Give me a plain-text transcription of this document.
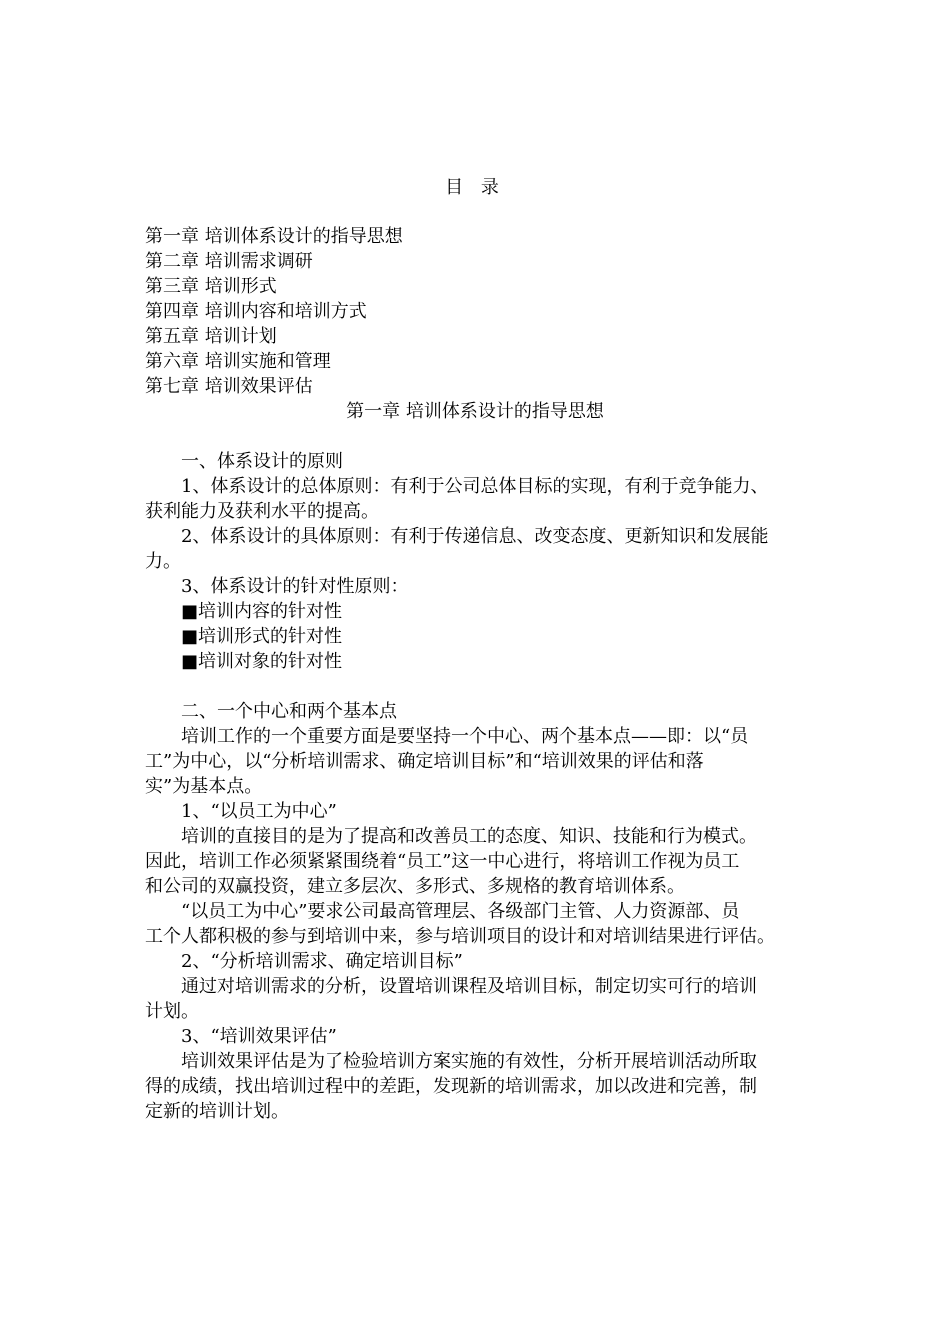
目 录
第一章 培训体系设计的指导思想
第二章 培训需求调研
第三章 培训形式
第四章 培训内容和培训方式
第五章 培训计划
第六章 培训实施和管理
第七章 培训效果评估
第一章 培训体系设计的指导思想
一、体系设计的原则
1、体系设计的总体原则：有利于公司总体目标的实现，有利于竞争能力、
获利能力及获利水平的提高。
2、体系设计的具体原则：有利于传递信息、改变态度、更新知识和发展能
力。
3、体系设计的针对性原则：
■培训内容的针对性
■培训形式的针对性
■培训对象的针对性
二、一个中心和两个基本点
培训工作的一个重要方面是要坚持一个中心、两个基本点——即：以“员
工”为中心，以“分析培训需求、确定培训目标”和“培训效果的评估和落
实”为基本点。
1、“以员工为中心”
培训的直接目的是为了提高和改善员工的态度、知识、技能和行为模式。
因此，培训工作必须紧紧围绕着“员工”这一中心进行，将培训工作视为员工
和公司的双赢投资，建立多层次、多形式、多规格的教育培训体系。
“以员工为中心”要求公司最高管理层、各级部门主管、人力资源部、员
工个人都积极的参与到培训中来，参与培训项目的设计和对培训结果进行评估。
2、“分析培训需求、确定培训目标”
通过对培训需求的分析，设置培训课程及培训目标，制定切实可行的培训
计划。
3、“培训效果评估”
培训效果评估是为了检验培训方案实施的有效性，分析开展培训活动所取
得的成绩，找出培训过程中的差距，发现新的培训需求，加以改进和完善，制
定新的培训计划。
